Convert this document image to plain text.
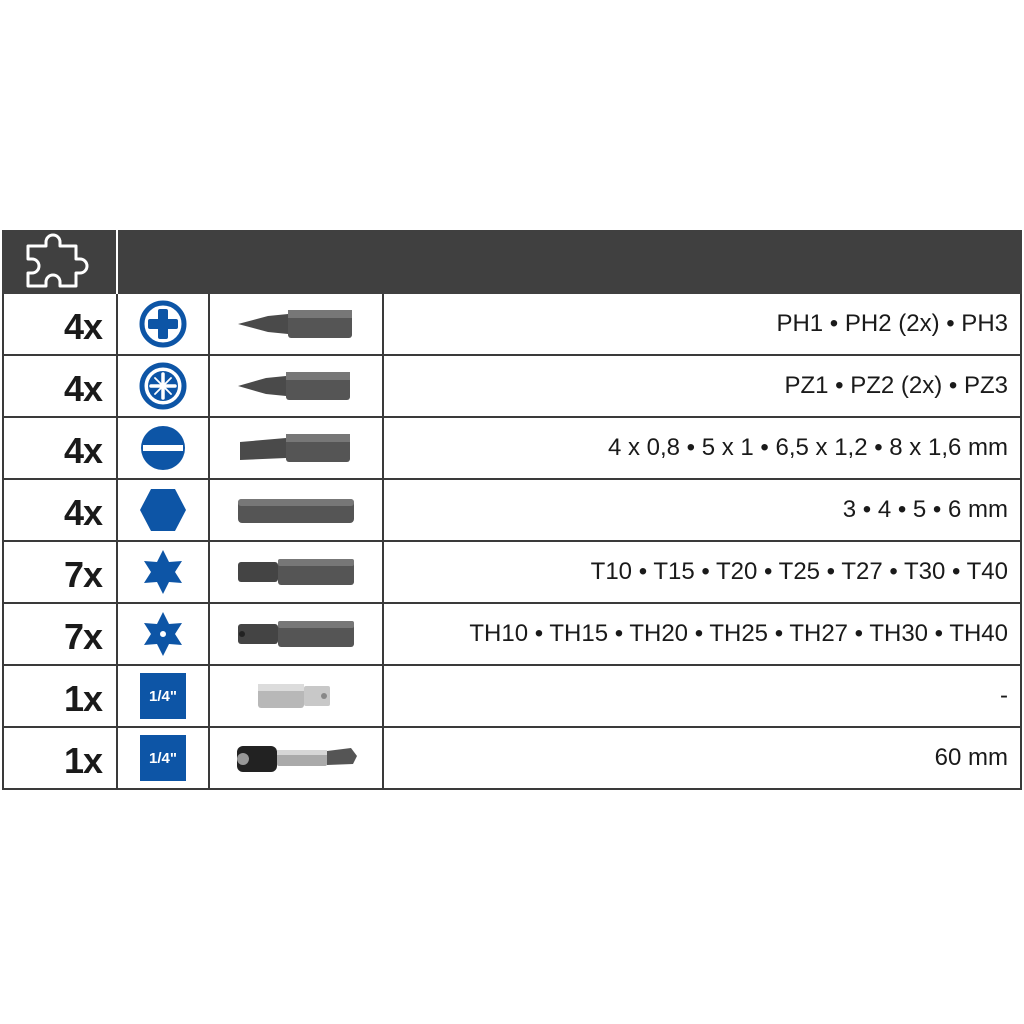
4x	PH1 • PH2 (2x) • PH3
4x	PZ1 • PZ2 (2x) • PZ3
4x	4 x 0,8 • 5 x 1 • 6,5 x 1,2 • 8 x 1,6 mm
4x	3 • 4 • 5 • 6 mm
7x	T10 • T15 • T20 • T25 • T27 • T30 • T40
7x	TH10 • TH15 • TH20 • TH25 • TH27 • TH30 • TH40
1x	1/4"	-
1x	1/4"	60 mm
